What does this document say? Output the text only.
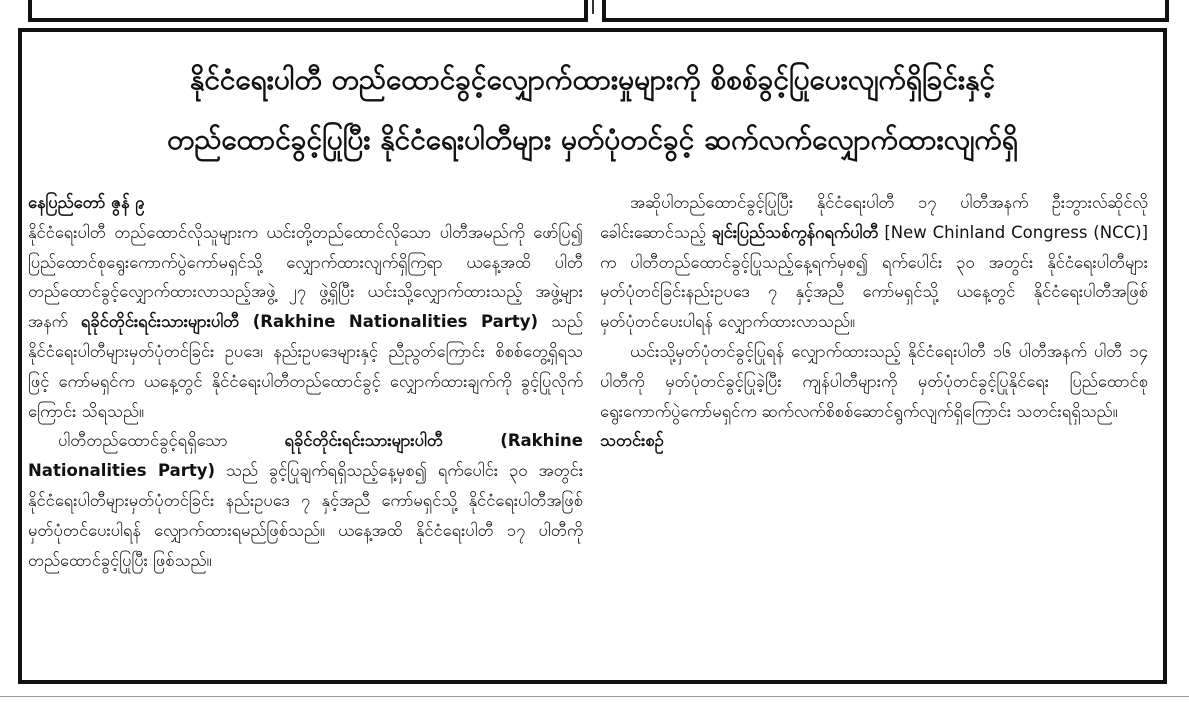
နိုင်ငံရေးပါတီ တည်ထောင်ခွင့်လျှောက်ထားမှုများကို စိစစ်ခွင့်ပြုပေးလျက်ရှိခြင်းနှင့်
တည်ထောင်ခွင့်ပြုပြီး နိုင်ငံရေးပါတီများ မှတ်ပုံတင်ခွင့် ဆက်လက်လျှောက်ထားလျက်ရှိ

နေပြည်တော် ဇွန် ၉

နိုင်ငံရေးပါတီ တည်ထောင်လိုသူများက ယင်းတို့တည်ထောင်လိုသော ပါတီအမည်ကို ဖော်ပြ၍ ပြည်ထောင်စုရွေးကောက်ပွဲကော်မရှင်သို့ လျှောက်ထားလျက်ရှိကြရာ ယနေ့အထိ ပါတီတည်ထောင်ခွင့်လျှောက်ထားလာသည့်အဖွဲ့ ၂၇ ဖွဲ့ရှိပြီး ယင်းသို့လျှောက်ထားသည့် အဖွဲ့များ အနက် ရခိုင်တိုင်းရင်းသားများပါတီ (Rakhine Nationalities Party) သည် နိုင်ငံရေးပါတီများမှတ်ပုံတင်ခြင်း ဥပဒေ၊ နည်းဥပဒေများနှင့် ညီညွတ်ကြောင်း စိစစ်တွေ့ရှိရသဖြင့် ကော်မရှင်က ယနေ့တွင် နိုင်ငံရေးပါတီတည်ထောင်ခွင့် လျှောက်ထားချက်ကို ခွင့်ပြုလိုက်ကြောင်း သိရသည်။

ပါတီတည်ထောင်ခွင့်ရရှိသော	ရခိုင်တိုင်းရင်းသားများပါတီ (Rakhine Nationalities Party) သည် ခွင့်ပြုချက်ရရှိသည့်နေ့မှစ၍ ရက်ပေါင်း ၃၀ အတွင်း နိုင်ငံရေးပါတီများမှတ်ပုံတင်ခြင်း နည်းဥပဒေ ၇ နှင့်အညီ ကော်မရှင်သို့ နိုင်ငံရေးပါတီအဖြစ် မှတ်ပုံတင်ပေးပါရန် လျှောက်ထားရမည်ဖြစ်သည်။ ယနေ့အထိ နိုင်ငံရေးပါတီ ၁၇ ပါတီကို တည်ထောင်ခွင့်ပြုပြီး ဖြစ်သည်။

အဆိုပါတည်ထောင်ခွင့်ပြုပြီး နိုင်ငံရေးပါတီ ၁၇ ပါတီအနက် ဦးဘွားလ်ဆိုင်လိုခေါင်းဆောင်သည့် ချင်းပြည်သစ်ကွန်ဂရက်ပါတီ [New Chinland Congress (NCC)] က ပါတီတည်ထောင်ခွင့်ပြုသည့်နေ့ရက်မှစ၍ ရက်ပေါင်း ၃၀ အတွင်း နိုင်ငံရေးပါတီများ မှတ်ပုံတင်ခြင်းနည်းဥပဒေ ၇ နှင့်အညီ ကော်မရှင်သို့ ယနေ့တွင် နိုင်ငံရေးပါတီအဖြစ် မှတ်ပုံတင်ပေးပါရန် လျှောက်ထားလာသည်။

ယင်းသို့မှတ်ပုံတင်ခွင့်ပြုရန် လျှောက်ထားသည့် နိုင်ငံရေးပါတီ ၁၆ ပါတီအနက် ပါတီ ၁၄ ပါတီကို မှတ်ပုံတင်ခွင့်ပြုခဲ့ပြီး ကျန်ပါတီများကို မှတ်ပုံတင်ခွင့်ပြုနိုင်ရေး ပြည်ထောင်စုရွေးကောက်ပွဲကော်မရှင်က ဆက်လက်စိစစ်ဆောင်ရွက်လျက်ရှိကြောင်း သတင်းရရှိသည်။

သတင်းစဉ်
